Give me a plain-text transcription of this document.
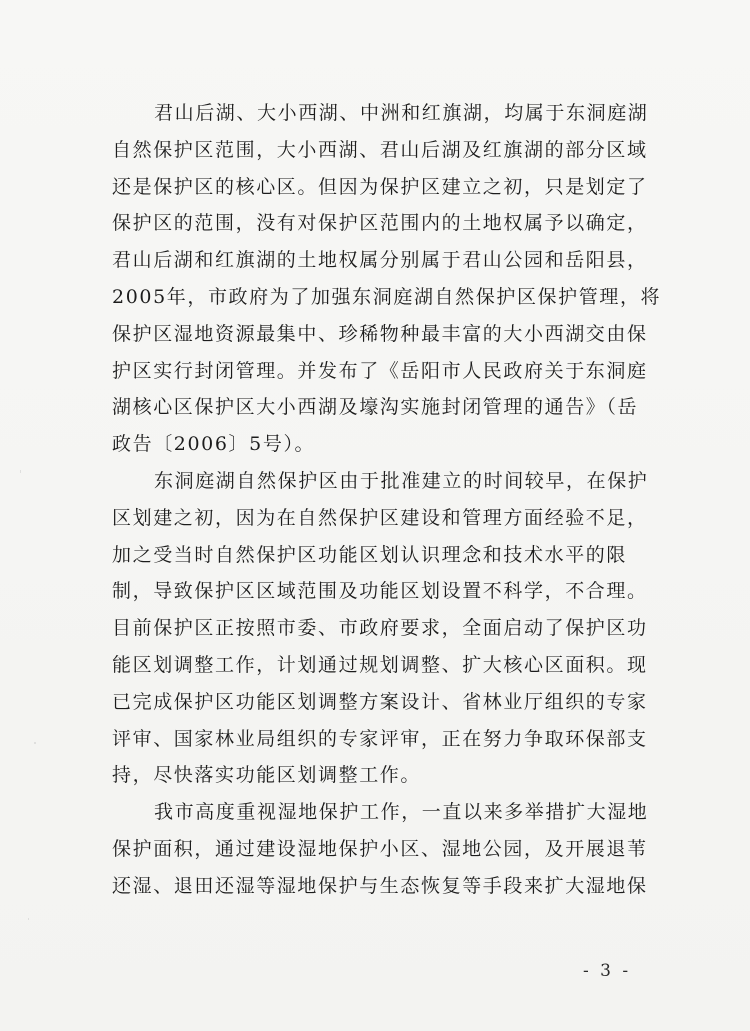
君山后湖、大小西湖、中洲和红旗湖，均属于东洞庭湖
自然保护区范围，大小西湖、君山后湖及红旗湖的部分区域
还是保护区的核心区。但因为保护区建立之初，只是划定了
保护区的范围，没有对保护区范围内的土地权属予以确定，
君山后湖和红旗湖的土地权属分别属于君山公园和岳阳县，
2005年，市政府为了加强东洞庭湖自然保护区保护管理，将
保护区湿地资源最集中、珍稀物种最丰富的大小西湖交由保
护区实行封闭管理。并发布了《岳阳市人民政府关于东洞庭
湖核心区保护区大小西湖及壕沟实施封闭管理的通告》（岳
政告〔2006〕5号）。
东洞庭湖自然保护区由于批准建立的时间较早，在保护
区划建之初，因为在自然保护区建设和管理方面经验不足，
加之受当时自然保护区功能区划认识理念和技术水平的限
制，导致保护区区域范围及功能区划设置不科学，不合理。
目前保护区正按照市委、市政府要求，全面启动了保护区功
能区划调整工作，计划通过规划调整、扩大核心区面积。现
已完成保护区功能区划调整方案设计、省林业厅组织的专家
评审、国家林业局组织的专家评审，正在努力争取环保部支
持，尽快落实功能区划调整工作。
我市高度重视湿地保护工作，一直以来多举措扩大湿地
保护面积，通过建设湿地保护小区、湿地公园，及开展退苇
还湿、退田还湿等湿地保护与生态恢复等手段来扩大湿地保
- 3 -
